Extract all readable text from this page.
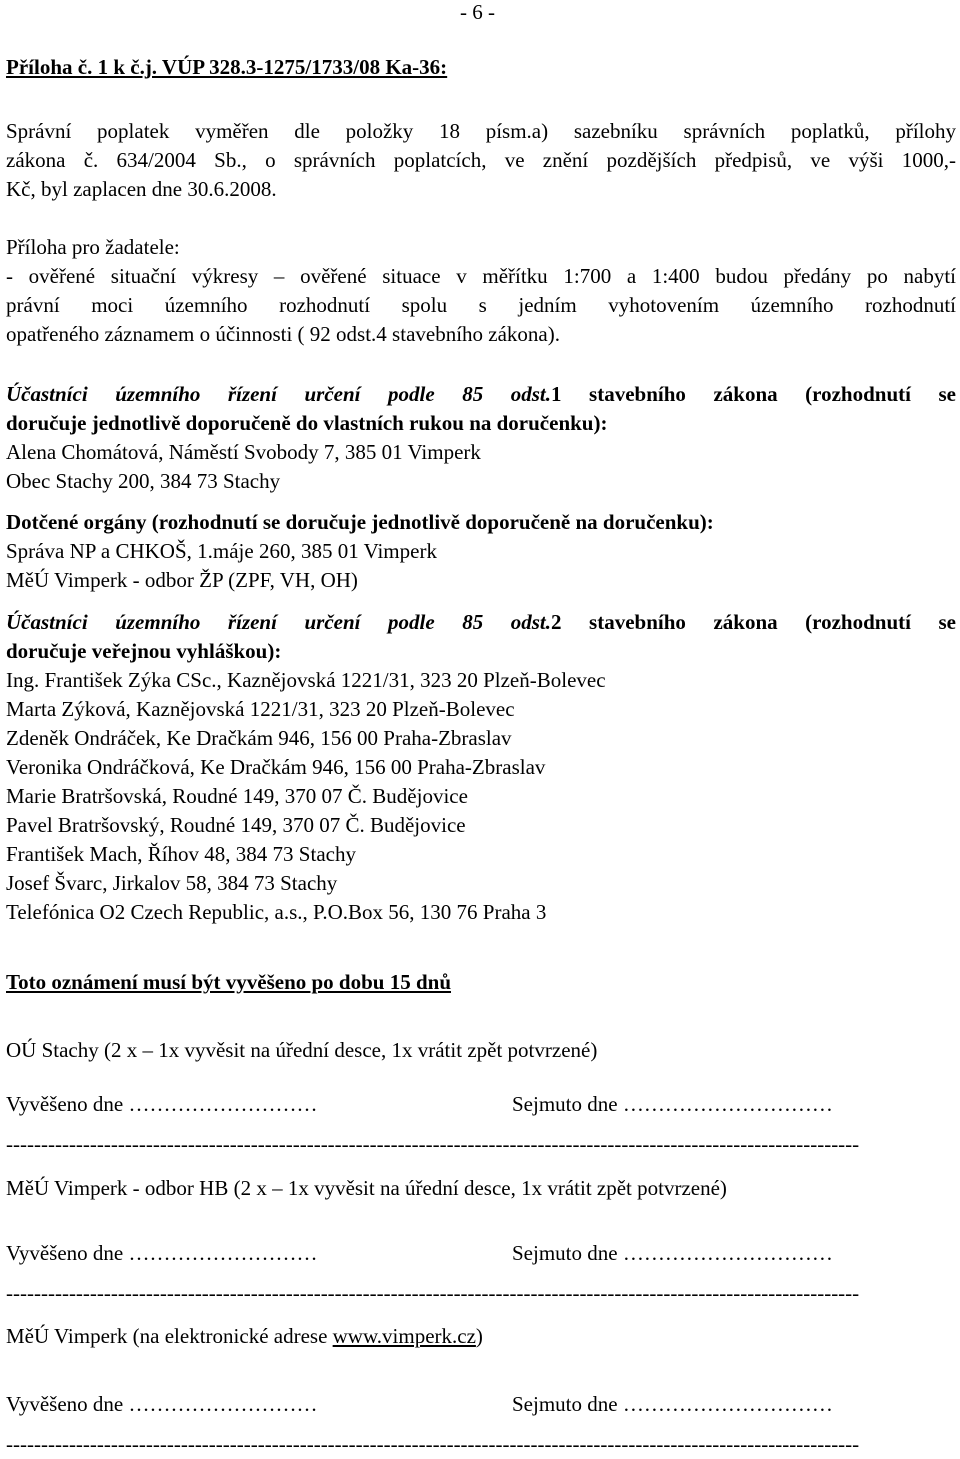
- 6 -
Příloha č. 1 k č.j. VÚP 328.3-1275/1733/08 Ka-36:
Správní poplatek vyměřen dle položky 18 písm.a) sazebníku správních poplatků, přílohy
zákona č. 634/2004 Sb., o správních poplatcích, ve znění pozdějších předpisů, ve výši 1000,-
Kč, byl zaplacen dne 30.6.2008.
Příloha pro žadatele:
- ověřené situační výkresy – ověřené situace v měřítku 1:700 a 1:400 budou předány po nabytí
právní moci územního rozhodnutí spolu s jedním vyhotovením územního rozhodnutí
opatřeného záznamem o účinnosti ( 92 odst.4 stavebního zákona).
Účastníci územního řízení určení podle 85 odst.1 stavebního zákona (rozhodnutí se
doručuje jednotlivě doporučeně do vlastních rukou na doručenku):
Alena Chomátová, Náměstí Svobody 7, 385 01 Vimperk
Obec Stachy 200, 384 73 Stachy
Dotčené orgány (rozhodnutí se doručuje jednotlivě doporučeně na doručenku):
Správa NP a CHKOŠ, 1.máje 260, 385 01 Vimperk
MěÚ Vimperk - odbor ŽP (ZPF, VH, OH)
Účastníci územního řízení určení podle 85 odst.2 stavebního zákona (rozhodnutí se
doručuje veřejnou vyhláškou):
Ing. František Zýka CSc., Kaznějovská 1221/31, 323 20 Plzeň-Bolevec
Marta Zýková, Kaznějovská 1221/31, 323 20 Plzeň-Bolevec
Zdeněk Ondráček, Ke Dračkám 946, 156 00 Praha-Zbraslav
Veronika Ondráčková, Ke Dračkám 946, 156 00 Praha-Zbraslav
Marie Bratršovská, Roudné 149, 370 07 Č. Budějovice
Pavel Bratršovský, Roudné 149, 370 07 Č. Budějovice
František Mach, Říhov 48, 384 73 Stachy
Josef Švarc, Jirkalov 58, 384 73 Stachy
Telefónica O2 Czech Republic, a.s., P.O.Box 56, 130 76 Praha 3
Toto oznámení musí být vyvěšeno po dobu 15 dnů
OÚ Stachy (2 x – 1x vyvěsit na úřední desce, 1x vrátit zpět potvrzené)
Vyvěšeno dne ………………………	Sejmuto dne …………………………
--------------------------------------------------------------------------------------------------------------------------
MěÚ Vimperk - odbor HB (2 x – 1x vyvěsit na úřední desce, 1x vrátit zpět potvrzené)
Vyvěšeno dne ………………………	Sejmuto dne …………………………
--------------------------------------------------------------------------------------------------------------------------
MěÚ Vimperk (na elektronické adrese www.vimperk.cz)
Vyvěšeno dne ………………………	Sejmuto dne …………………………
--------------------------------------------------------------------------------------------------------------------------
